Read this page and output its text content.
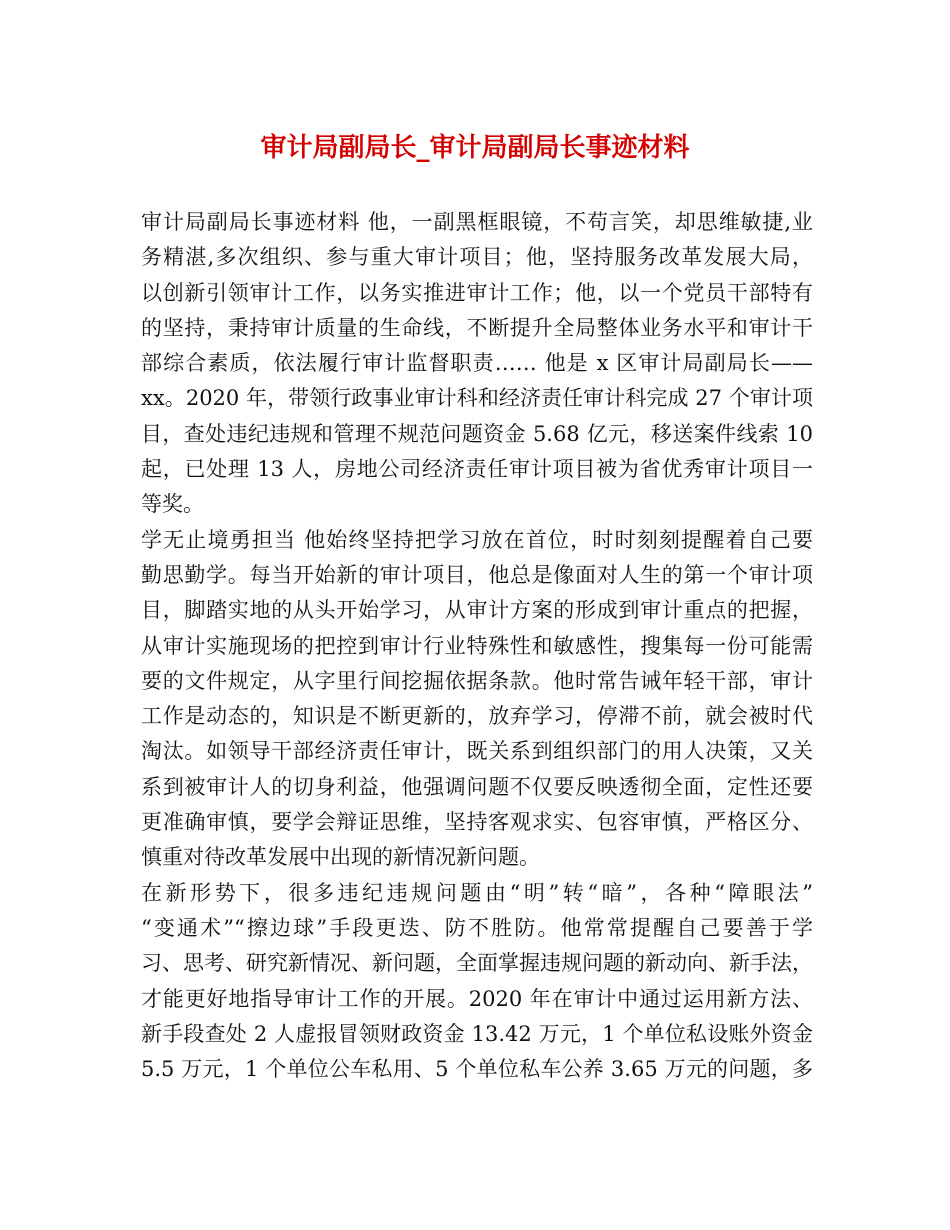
审计局副局长_审计局副局长事迹材料
审计局副局长事迹材料 他，一副黑框眼镜，不苟言笑，却思维敏捷,业
务精湛,多次组织、参与重大审计项目；他，坚持服务改革发展大局，
以创新引领审计工作，以务实推进审计工作；他，以一个党员干部特有
的坚持，秉持审计质量的生命线，不断提升全局整体业务水平和审计干
部综合素质，依法履行审计监督职责…… 他是 x 区审计局副局长——
xx。2020 年，带领行政事业审计科和经济责任审计科完成 27 个审计项
目，查处违纪违规和管理不规范问题资金 5.68 亿元，移送案件线索 10
起，已处理 13 人，房地公司经济责任审计项目被为省优秀审计项目一
等奖。
学无止境勇担当 他始终坚持把学习放在首位，时时刻刻提醒着自己要
勤思勤学。每当开始新的审计项目，他总是像面对人生的第一个审计项
目，脚踏实地的从头开始学习，从审计方案的形成到审计重点的把握，
从审计实施现场的把控到审计行业特殊性和敏感性，搜集每一份可能需
要的文件规定，从字里行间挖掘依据条款。他时常告诫年轻干部，审计
工作是动态的，知识是不断更新的，放弃学习，停滞不前，就会被时代
淘汰。如领导干部经济责任审计，既关系到组织部门的用人决策，又关
系到被审计人的切身利益，他强调问题不仅要反映透彻全面，定性还要
更准确审慎，要学会辩证思维，坚持客观求实、包容审慎，严格区分、
慎重对待改革发展中出现的新情况新问题。
在新形势下，很多违纪违规问题由“明”转“暗”，各种“障眼法”
“变通术”“擦边球”手段更迭、防不胜防。他常常提醒自己要善于学
习、思考、研究新情况、新问题，全面掌握违规问题的新动向、新手法，
才能更好地指导审计工作的开展。2020 年在审计中通过运用新方法、
新手段查处 2 人虚报冒领财政资金 13.42 万元，1 个单位私设账外资金
5.5 万元，1 个单位公车私用、5 个单位私车公养 3.65 万元的问题，多
